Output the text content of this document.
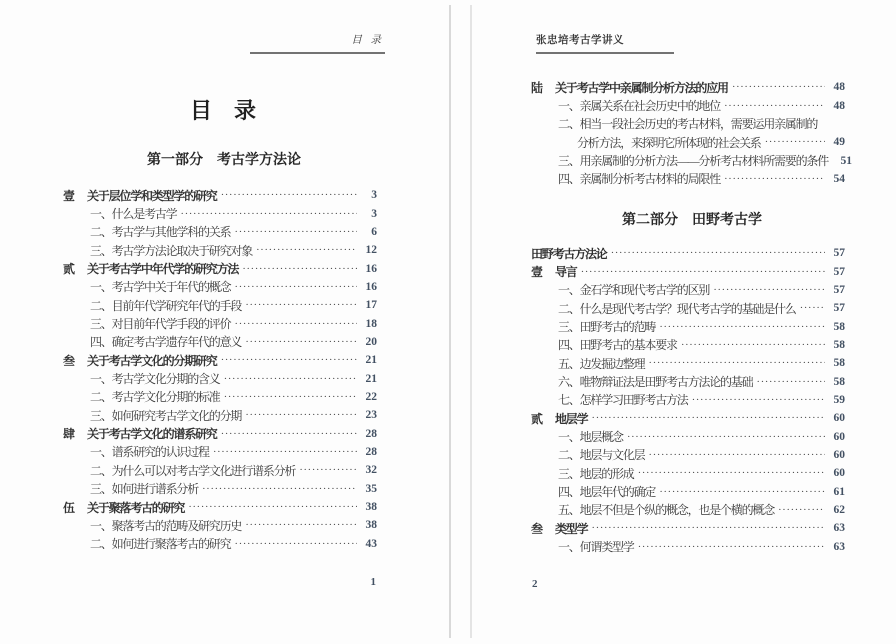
目 录
目　录
第一部分　考古学方法论
壹	关于层位学和类型学的研究 ·····	3
一、什么是考古学 ·····	3
二、考古学与其他学科的关系 ·····	6
三、考古学方法论取决于研究对象 ·····	12
贰	关于考古学中年代学的研究方法 ·····	16
一、考古学中关于年代的概念 ·····	16
二、目前年代学研究年代的手段 ·····	17
三、对目前年代学手段的评价 ·····	18
四、确定考古学遗存年代的意义 ·····	20
叁	关于考古学文化的分期研究 ·····	21
一、考古学文化分期的含义 ·····	21
二、考古学文化分期的标准 ·····	22
三、如何研究考古学文化的分期 ·····	23
肆	关于考古学文化的谱系研究 ·····	28
一、谱系研究的认识过程 ·····	28
二、为什么可以对考古学文化进行谱系分析 ·····	32
三、如何进行谱系分析 ·····	35
伍	关于聚落考古的研究 ·····	38
一、聚落考古的范畴及研究历史 ·····	38
二、如何进行聚落考古的研究 ·····	43
1
张忠培考古学讲义
陆	关于考古学中亲属制分析方法的应用 ·····	48
一、亲属关系在社会历史中的地位 ·····	48
二、相当一段社会历史的考古材料，需要运用亲属制的
分析方法，来探明它所体现的社会关系 ·····	49
三、用亲属制的分析方法——分析考古材料所需要的条件	51
四、亲属制分析考古材料的局限性 ·····	54
第二部分　田野考古学
田野考古方法论 ·····	57
壹	导言 ·····	57
一、金石学和现代考古学的区别 ·····	57
二、什么是现代考古学？现代考古学的基础是什么 ·····	57
三、田野考古的范畴 ·····	58
四、田野考古的基本要求 ·····	58
五、边发掘边整理 ·····	58
六、唯物辩证法是田野考古方法论的基础 ·····	58
七、怎样学习田野考古方法 ·····	59
贰	地层学 ·····	60
一、地层概念 ·····	60
二、地层与文化层 ·····	60
三、地层的形成 ·····	60
四、地层年代的确定 ·····	61
五、地层不但是个纵的概念，也是个横的概念 ·····	62
叁	类型学 ·····	63
一、何谓类型学 ·····	63
2
